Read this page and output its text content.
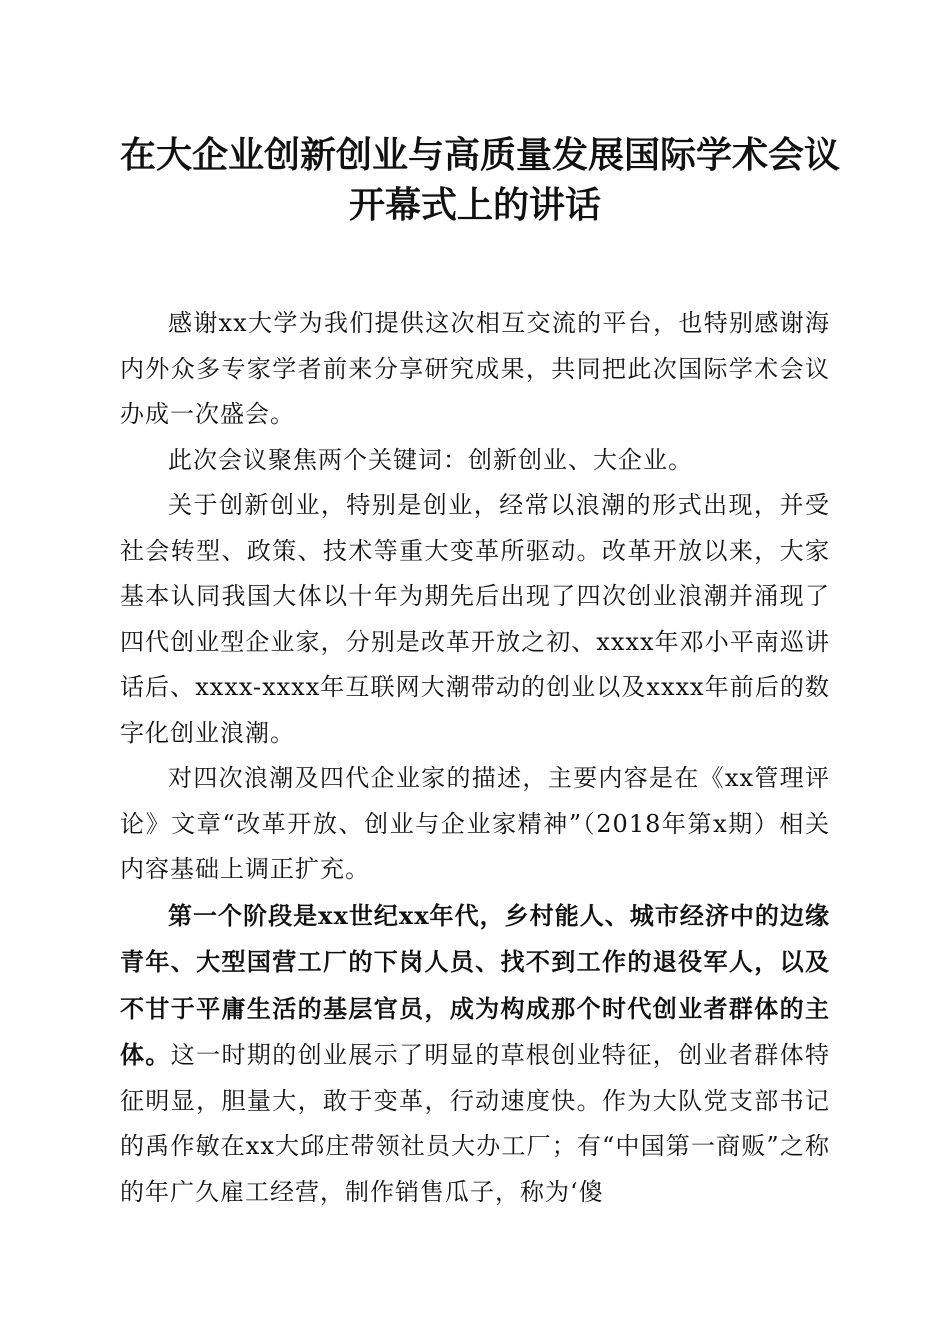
在大企业创新创业与高质量发展国际学术会议
开幕式上的讲话

感谢xx大学为我们提供这次相互交流的平台，也特别感谢海内外众多专家学者前来分享研究成果，共同把此次国际学术会议办成一次盛会。

此次会议聚焦两个关键词：创新创业、大企业。

关于创新创业，特别是创业，经常以浪潮的形式出现，并受社会转型、政策、技术等重大变革所驱动。改革开放以来，大家基本认同我国大体以十年为期先后出现了四次创业浪潮并涌现了四代创业型企业家，分别是改革开放之初、xxxx年邓小平南巡讲话后、xxxx-xxxx年互联网大潮带动的创业以及xxxx年前后的数字化创业浪潮。

对四次浪潮及四代企业家的描述，主要内容是在《xx管理评论》文章“改革开放、创业与企业家精神”（2018年第x期）相关内容基础上调正扩充。

第一个阶段是xx世纪xx年代，乡村能人、城市经济中的边缘青年、大型国营工厂的下岗人员、找不到工作的退役军人，以及不甘于平庸生活的基层官员，成为构成那个时代创业者群体的主体。这一时期的创业展示了明显的草根创业特征，创业者群体特征明显，胆量大，敢于变革，行动速度快。作为大队党支部书记的禹作敏在xx大邱庄带领社员大办工厂；有“中国第一商贩”之称的年广久雇工经营，制作销售瓜子，称为‘傻
